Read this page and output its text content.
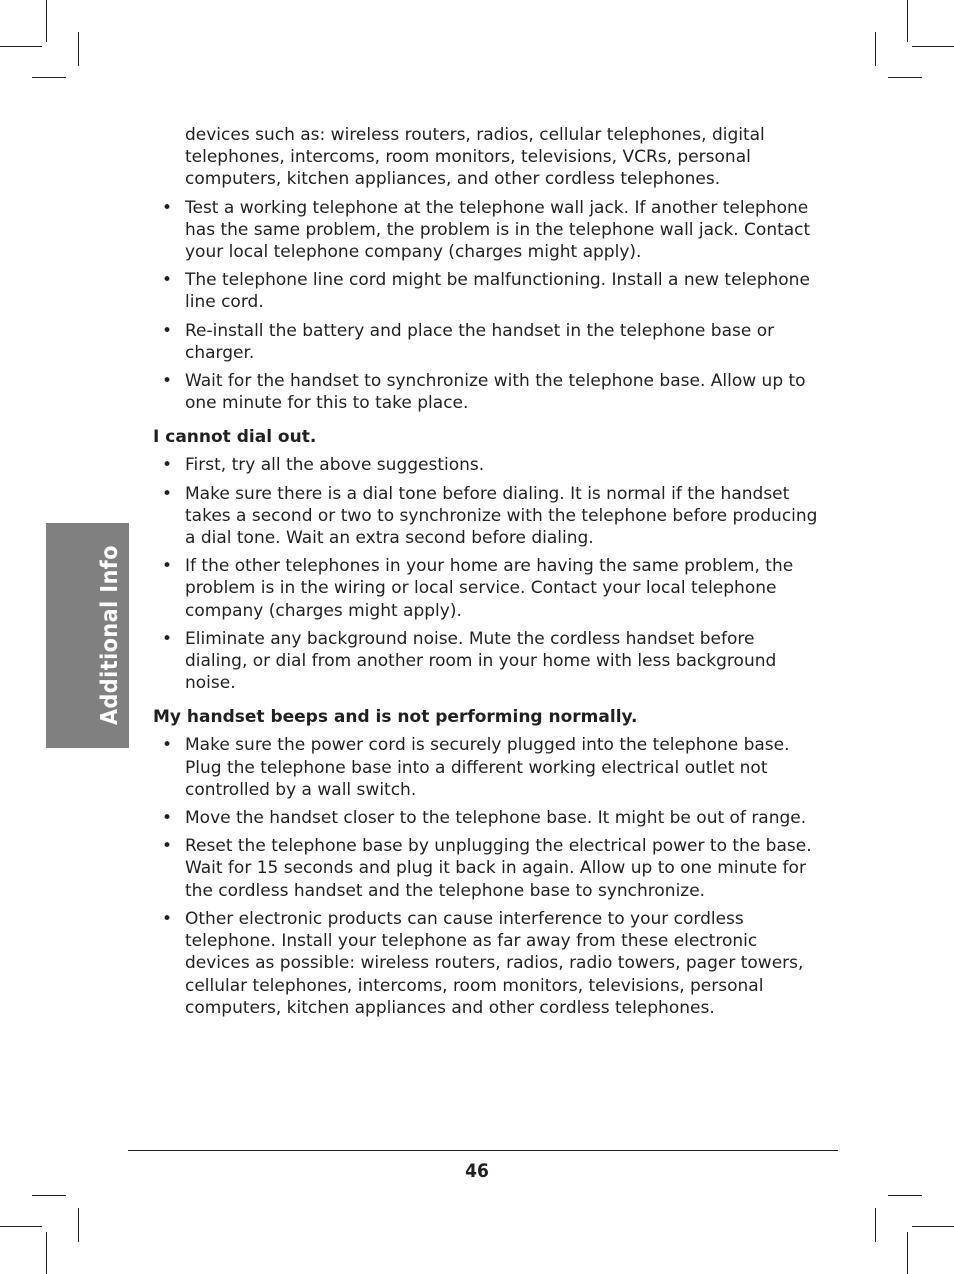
Additional Info

devices such as: wireless routers, radios, cellular telephones, digital telephones, intercoms, room monitors, televisions, VCRs, personal computers, kitchen appliances, and other cordless telephones.

• Test a working telephone at the telephone wall jack. If another telephone has the same problem, the problem is in the telephone wall jack. Contact your local telephone company (charges might apply).
• The telephone line cord might be malfunctioning. Install a new telephone line cord.
• Re-install the battery and place the handset in the telephone base or charger.
• Wait for the handset to synchronize with the telephone base. Allow up to one minute for this to take place.
I cannot dial out.
• First, try all the above suggestions.
• Make sure there is a dial tone before dialing. It is normal if the handset takes a second or two to synchronize with the telephone before producing a dial tone. Wait an extra second before dialing.
• If the other telephones in your home are having the same problem, the problem is in the wiring or local service. Contact your local telephone company (charges might apply).
• Eliminate any background noise. Mute the cordless handset before dialing, or dial from another room in your home with less background noise.
My handset beeps and is not performing normally.
• Make sure the power cord is securely plugged into the telephone base. Plug the telephone base into a different working electrical outlet not controlled by a wall switch.
• Move the handset closer to the telephone base. It might be out of range.
• Reset the telephone base by unplugging the electrical power to the base. Wait for 15 seconds and plug it back in again. Allow up to one minute for the cordless handset and the telephone base to synchronize.
• Other electronic products can cause interference to your cordless telephone. Install your telephone as far away from these electronic devices as possible: wireless routers, radios, radio towers, pager towers, cellular telephones, intercoms, room monitors, televisions, personal computers, kitchen appliances and other cordless telephones.
46
